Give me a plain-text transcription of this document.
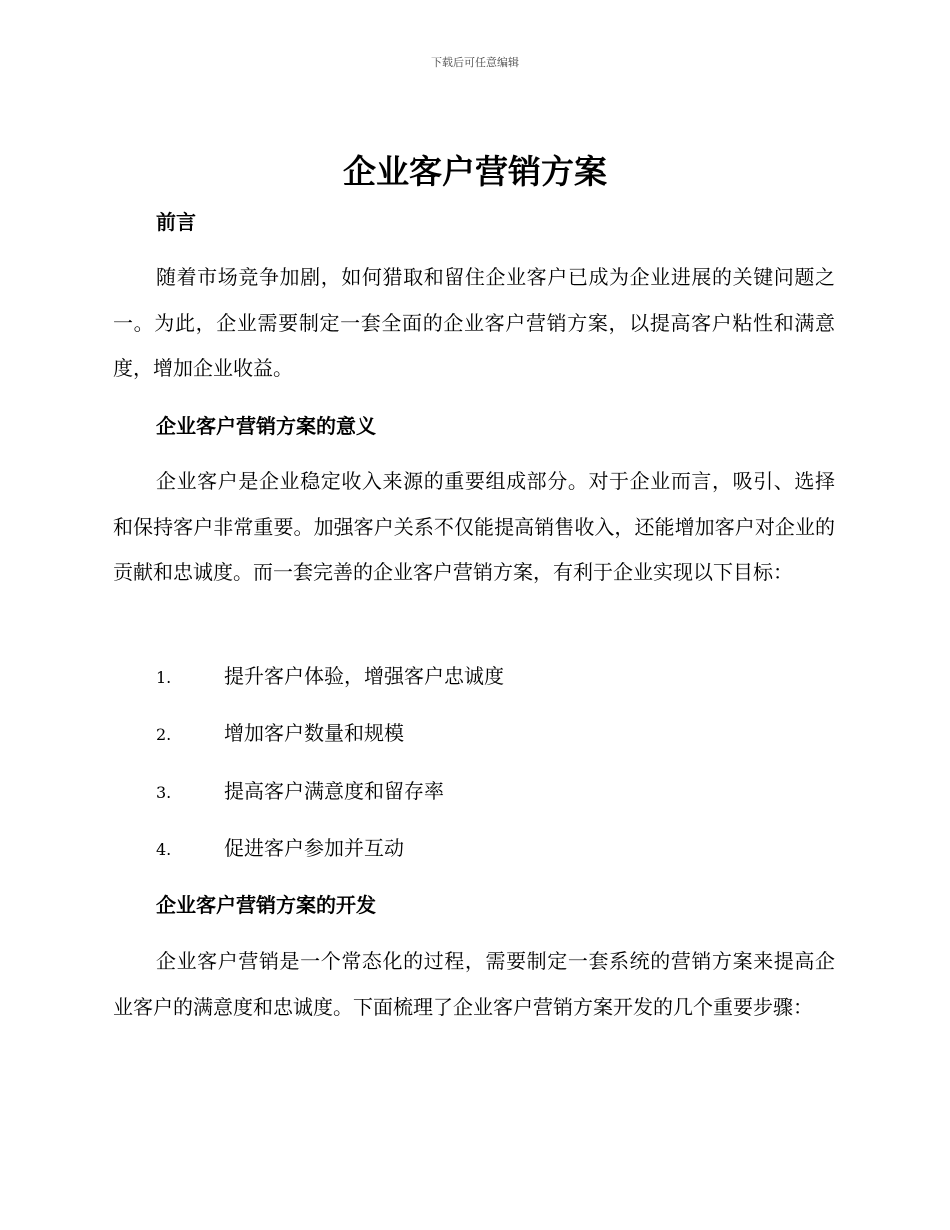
下载后可任意编辑
企业客户营销方案
前言

随着市场竞争加剧，如何猎取和留住企业客户已成为企业进展的关键问题之一。为此，企业需要制定一套全面的企业客户营销方案，以提高客户粘性和满意度，增加企业收益。

企业客户营销方案的意义

企业客户是企业稳定收入来源的重要组成部分。对于企业而言，吸引、选择和保持客户非常重要。加强客户关系不仅能提高销售收入，还能增加客户对企业的贡献和忠诚度。而一套完善的企业客户营销方案，有利于企业实现以下目标：

1.	提升客户体验，增强客户忠诚度
2.	增加客户数量和规模
3.	提高客户满意度和留存率
4.	促进客户参加并互动
企业客户营销方案的开发

企业客户营销是一个常态化的过程，需要制定一套系统的营销方案来提高企业客户的满意度和忠诚度。下面梳理了企业客户营销方案开发的几个重要步骤：
